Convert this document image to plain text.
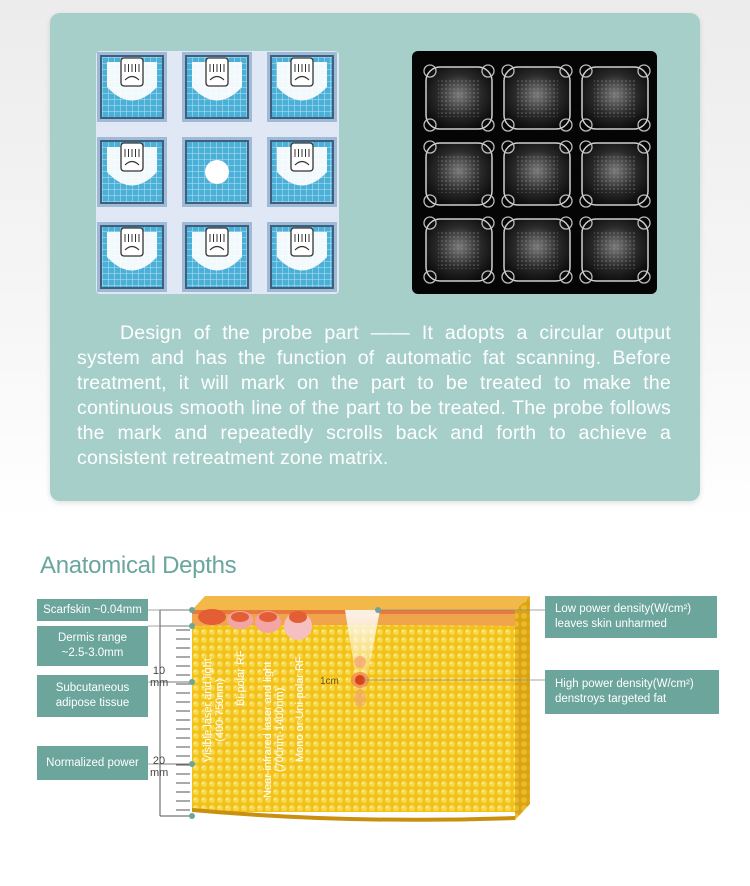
Design of the probe part —— It adopts a circular output system and has the function of automatic fat scanning. Before treatment, it will mark on the part to be treated to make the continuous smooth line of the part to be treated. The probe follows the mark and repeatedly scrolls back and forth to achieve a consistent retreatment zone matrix.

Anatomical Depths
Scarfskin ~0.04mm
Dermis range
~2.5-3.0mm
Subcutaneous
adipose tissue
Normalized power
10
mm
20
mm
Visible laser and light
(400-750nm)
Bi-polar RF
Near-infrared laser and light
(700nm-1400nm) Mono or Uni-polar RF 1cm
Low power density(W/cm²)
leaves skin unharmed
High power density(W/cm²)
denstroys targeted fat
